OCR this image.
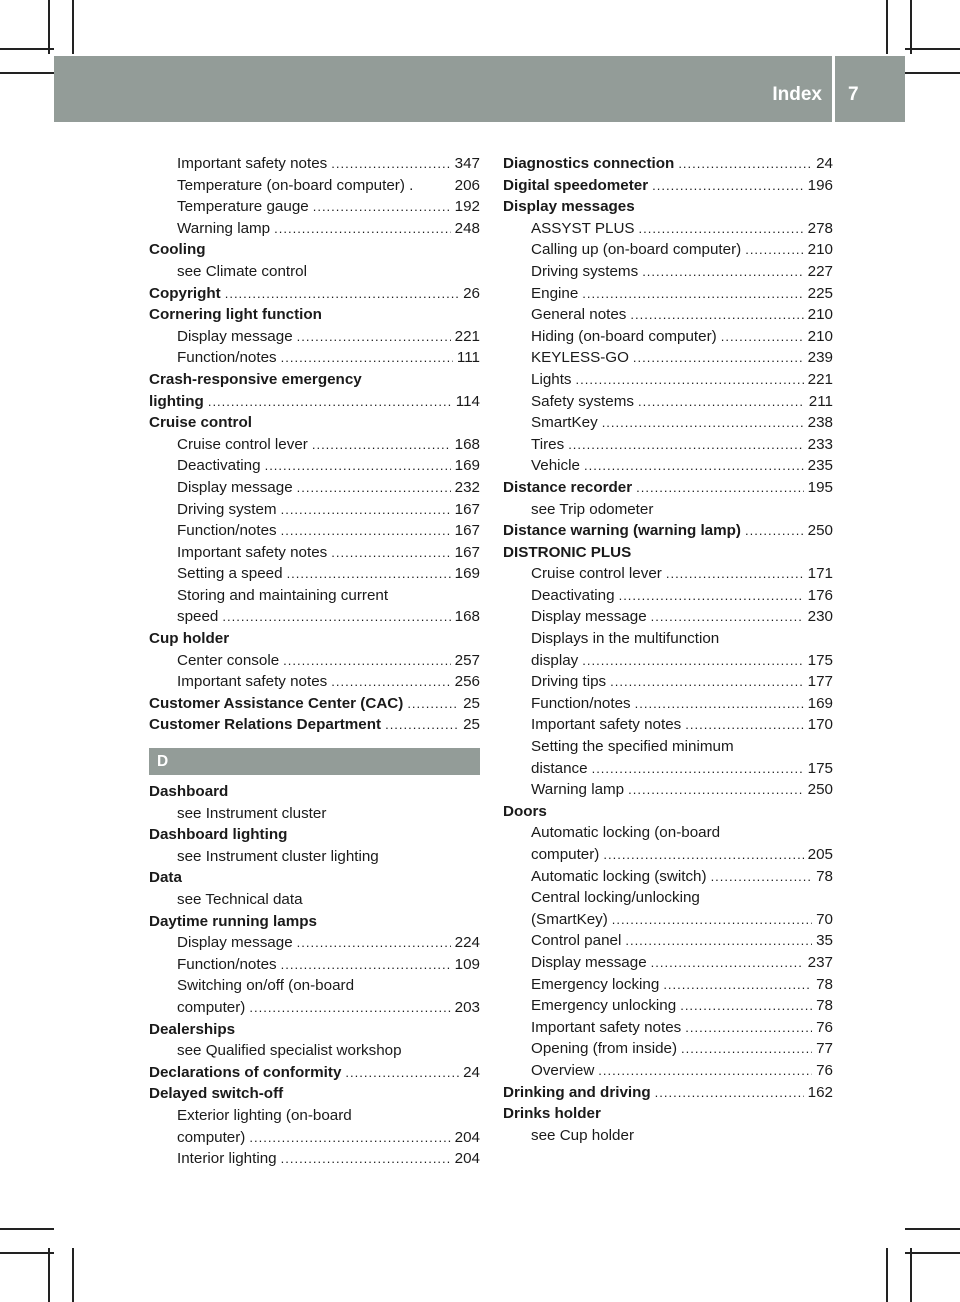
Index 7
Important safety notes .....	347
Temperature (on-board computer) .	206
Temperature gauge .....	192
Warning lamp .....	248
Cooling
see Climate control
Copyright .....	26
Cornering light function
Display message .....	221
Function/notes .....	111
Crash-responsive emergency
lighting .....	114
Cruise control
Cruise control lever .....	168
Deactivating .....	169
Display message .....	232
Driving system .....	167
Function/notes .....	167
Important safety notes .....	167
Setting a speed .....	169
Storing and maintaining current
speed .....	168
Cup holder
Center console .....	257
Important safety notes .....	256
Customer Assistance Center (CAC) .....	25
Customer Relations Department .....	25
D
Dashboard
see Instrument cluster
Dashboard lighting
see Instrument cluster lighting
Data
see Technical data
Daytime running lamps
Display message .....	224
Function/notes .....	109
Switching on/off (on-board
computer) .....	203
Dealerships
see Qualified specialist workshop
Declarations of conformity .....	24
Delayed switch-off
Exterior lighting (on-board
computer) .....	204
Interior lighting .....	204
Diagnostics connection .....	24
Digital speedometer .....	196
Display messages
ASSYST PLUS .....	278
Calling up (on-board computer) .....	210
Driving systems .....	227
Engine .....	225
General notes .....	210
Hiding (on-board computer) .....	210
KEYLESS-GO .....	239
Lights .....	221
Safety systems .....	211
SmartKey .....	238
Tires .....	233
Vehicle .....	235
Distance recorder .....	195
see Trip odometer
Distance warning (warning lamp) .....	250
DISTRONIC PLUS
Cruise control lever .....	171
Deactivating .....	176
Display message .....	230
Displays in the multifunction
display .....	175
Driving tips .....	177
Function/notes .....	169
Important safety notes .....	170
Setting the specified minimum
distance .....	175
Warning lamp .....	250
Doors
Automatic locking (on-board
computer) .....	205
Automatic locking (switch) .....	78
Central locking/unlocking
(SmartKey) .....	70
Control panel .....	35
Display message .....	237
Emergency locking .....	78
Emergency unlocking .....	78
Important safety notes .....	76
Opening (from inside) .....	77
Overview .....	76
Drinking and driving .....	162
Drinks holder
see Cup holder
